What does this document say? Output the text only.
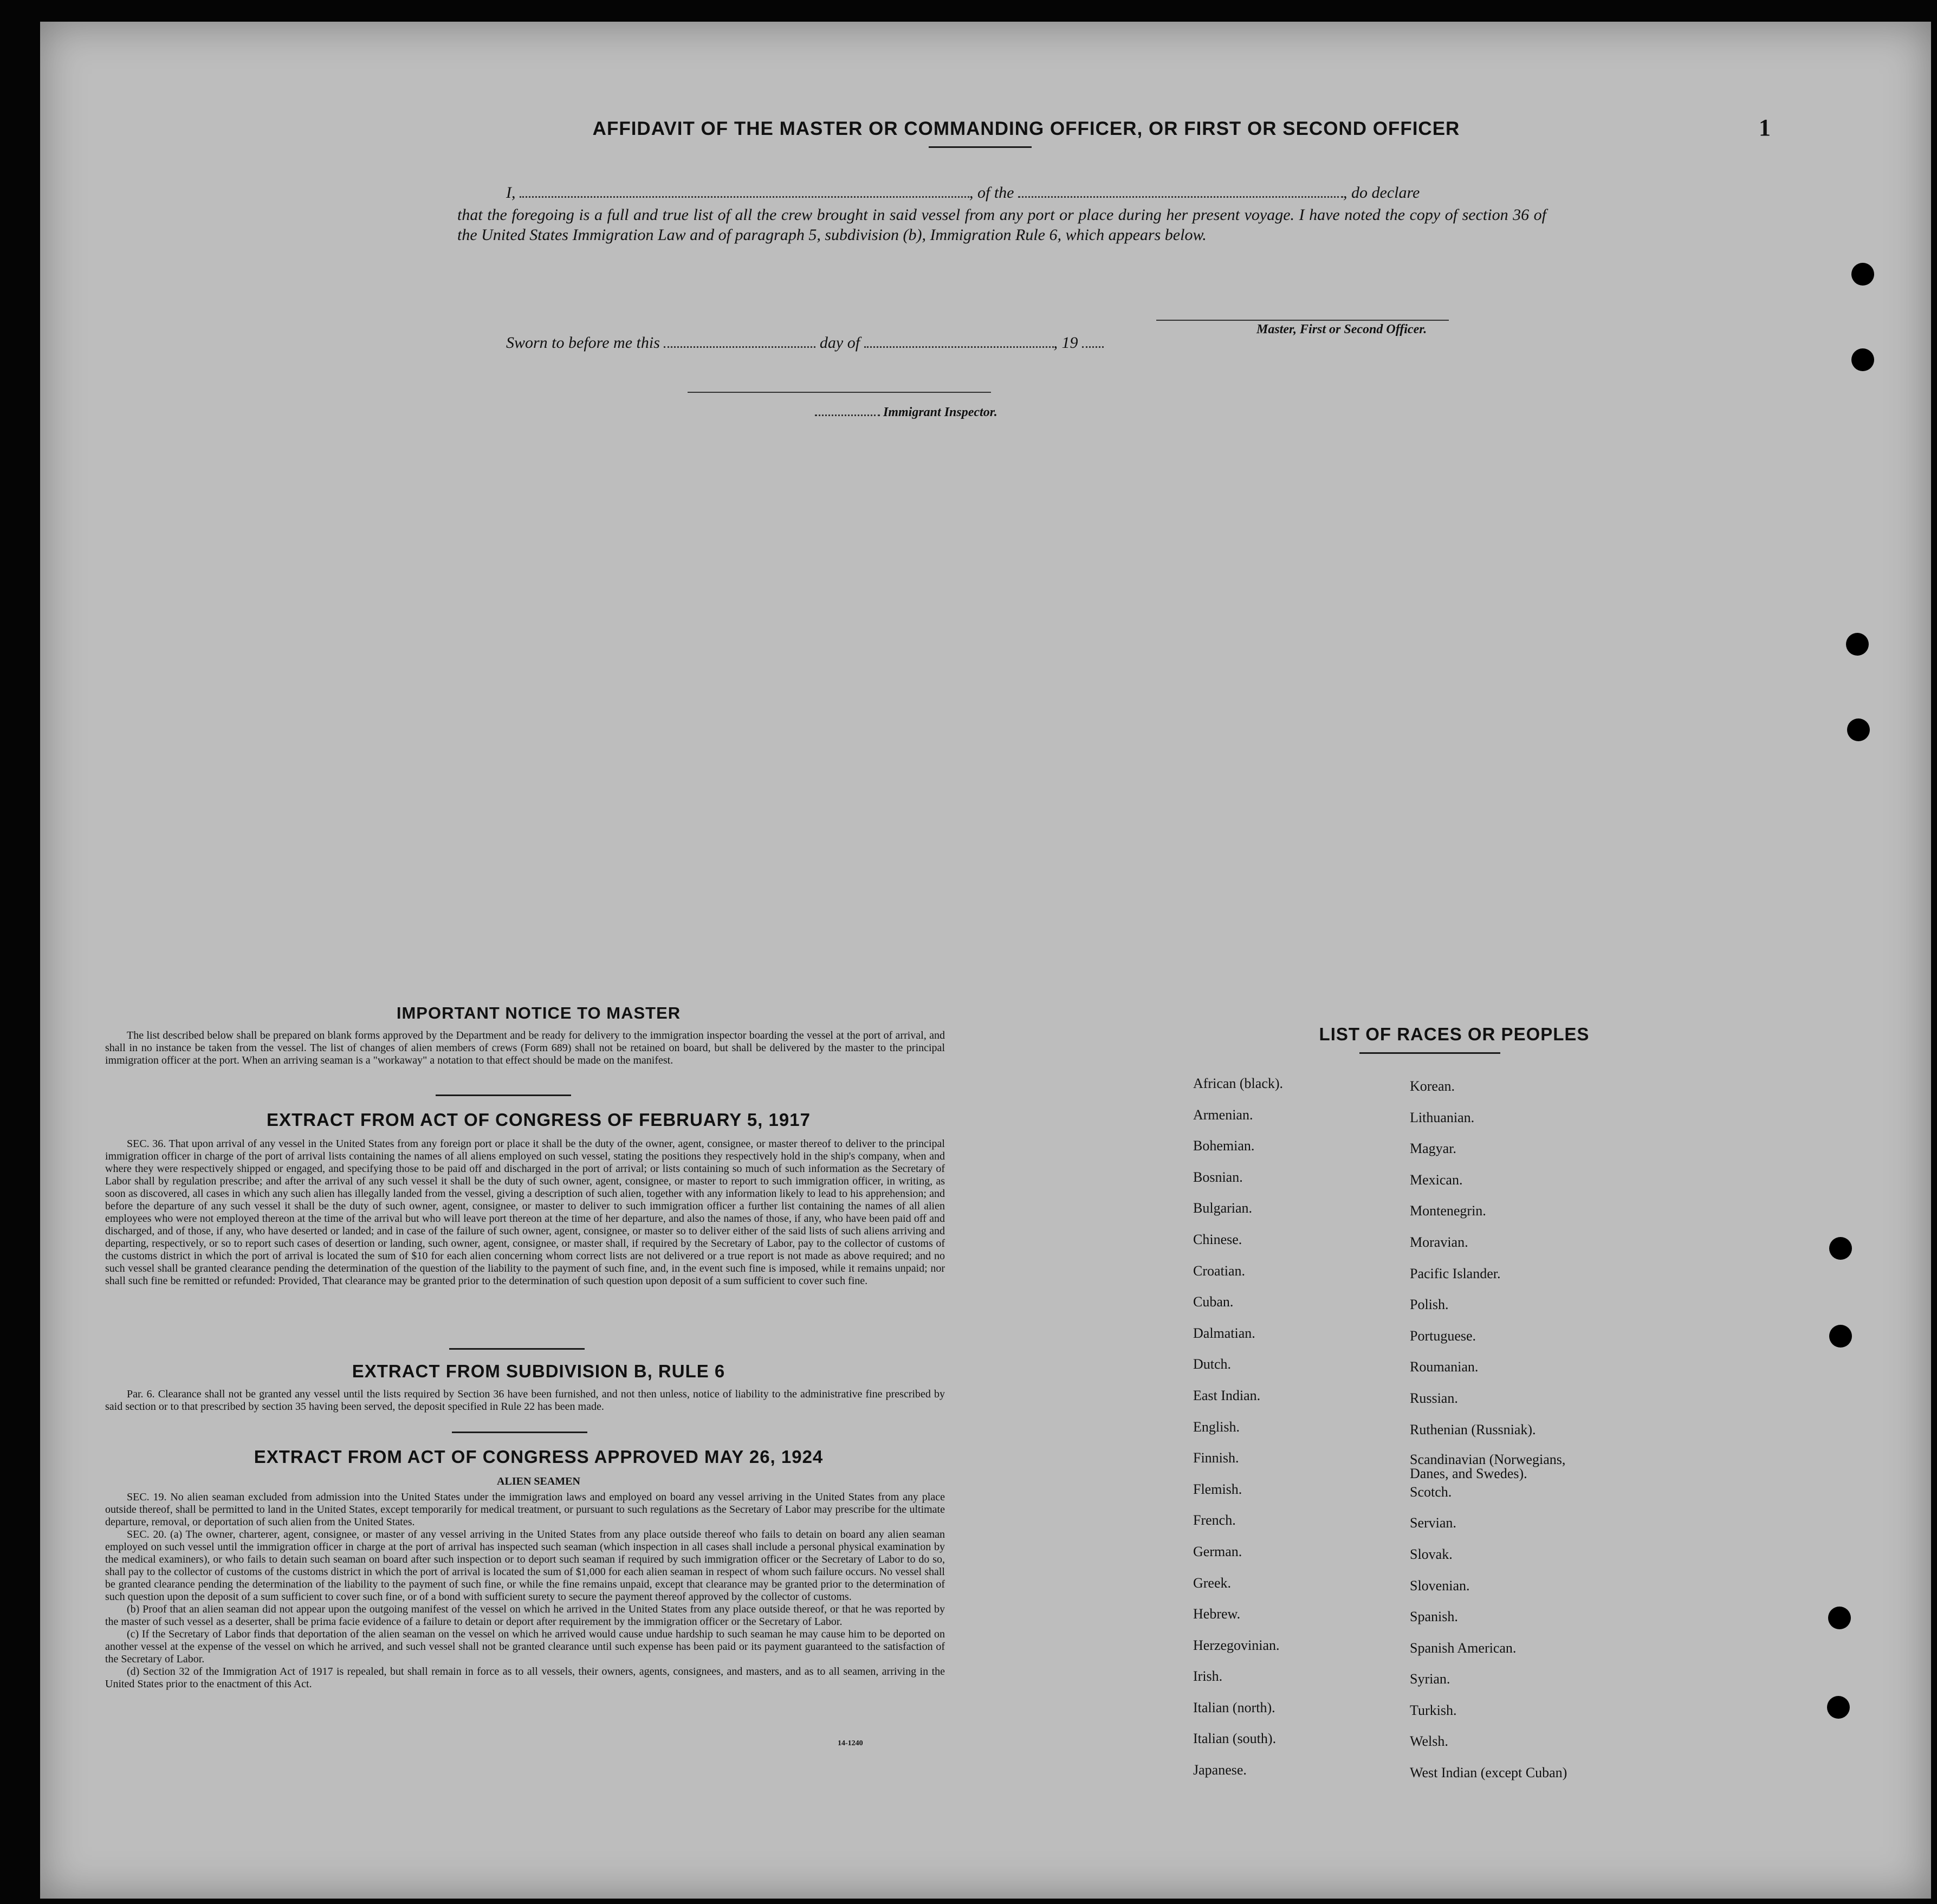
1
AFFIDAVIT OF THE MASTER OR COMMANDING OFFICER, OR FIRST OR SECOND OFFICER
I,	, of the	, do declare
that the foregoing is a full and true list of all the crew brought in said vessel from any port or place during her present voyage. I have noted the copy of section 36 of the United States Immigration Law and of paragraph 5, subdivision (b), Immigration Rule 6, which appears below.
Master, First or Second Officer.
Sworn to before me this	day of	, 19
Immigrant Inspector.
IMPORTANT NOTICE TO MASTER
The list described below shall be prepared on blank forms approved by the Department and be ready for delivery to the immigration inspector boarding the vessel at the port of arrival, and shall in no instance be taken from the vessel. The list of changes of alien members of crews (Form 689) shall not be retained on board, but shall be delivered by the master to the principal immigration officer at the port. When an arriving seaman is a "workaway" a notation to that effect should be made on the manifest.
EXTRACT FROM ACT OF CONGRESS OF FEBRUARY 5, 1917
SEC. 36. That upon arrival of any vessel in the United States from any foreign port or place it shall be the duty of the owner, agent, consignee, or master thereof to deliver to the principal immigration officer in charge of the port of arrival lists containing the names of all aliens employed on such vessel, stating the positions they respectively hold in the ship's company, when and where they were respectively shipped or engaged, and specifying those to be paid off and discharged in the port of arrival; or lists containing so much of such information as the Secretary of Labor shall by regulation prescribe; and after the arrival of any such vessel it shall be the duty of such owner, agent, consignee, or master to report to such immigration officer, in writing, as soon as discovered, all cases in which any such alien has illegally landed from the vessel, giving a description of such alien, together with any information likely to lead to his apprehension; and before the departure of any such vessel it shall be the duty of such owner, agent, consignee, or master to deliver to such immigration officer a further list containing the names of all alien employees who were not employed thereon at the time of the arrival but who will leave port thereon at the time of her departure, and also the names of those, if any, who have been paid off and discharged, and of those, if any, who have deserted or landed; and in case of the failure of such owner, agent, consignee, or master so to deliver either of the said lists of such aliens arriving and departing, respectively, or so to report such cases of desertion or landing, such owner, agent, consignee, or master shall, if required by the Secretary of Labor, pay to the collector of customs of the customs district in which the port of arrival is located the sum of $10 for each alien concerning whom correct lists are not delivered or a true report is not made as above required; and no such vessel shall be granted clearance pending the determination of the question of the liability to the payment of such fine, and, in the event such fine is imposed, while it remains unpaid; nor shall such fine be remitted or refunded: Provided, That clearance may be granted prior to the determination of such question upon deposit of a sum sufficient to cover such fine.
EXTRACT FROM SUBDIVISION B, RULE 6
Par. 6. Clearance shall not be granted any vessel until the lists required by Section 36 have been furnished, and not then unless, notice of liability to the administrative fine prescribed by said section or to that prescribed by section 35 having been served, the deposit specified in Rule 22 has been made.
EXTRACT FROM ACT OF CONGRESS APPROVED MAY 26, 1924
ALIEN SEAMEN
SEC. 19. No alien seaman excluded from admission into the United States under the immigration laws and employed on board any vessel arriving in the United States from any place outside thereof, shall be permitted to land in the United States, except temporarily for medical treatment, or pursuant to such regulations as the Secretary of Labor may prescribe for the ultimate departure, removal, or deportation of such alien from the United States.
SEC. 20. (a) The owner, charterer, agent, consignee, or master of any vessel arriving in the United States from any place outside thereof who fails to detain on board any alien seaman employed on such vessel until the immigration officer in charge at the port of arrival has inspected such seaman (which inspection in all cases shall include a personal physical examination by the medical examiners), or who fails to detain such seaman on board after such inspection or to deport such seaman if required by such immigration officer or the Secretary of Labor to do so, shall pay to the collector of customs of the customs district in which the port of arrival is located the sum of $1,000 for each alien seaman in respect of whom such failure occurs. No vessel shall be granted clearance pending the determination of the liability to the payment of such fine, or while the fine remains unpaid, except that clearance may be granted prior to the determination of such question upon the deposit of a sum sufficient to cover such fine, or of a bond with sufficient surety to secure the payment thereof approved by the collector of customs.
(b) Proof that an alien seaman did not appear upon the outgoing manifest of the vessel on which he arrived in the United States from any place outside thereof, or that he was reported by the master of such vessel as a deserter, shall be prima facie evidence of a failure to detain or deport after requirement by the immigration officer or the Secretary of Labor.
(c) If the Secretary of Labor finds that deportation of the alien seaman on the vessel on which he arrived would cause undue hardship to such seaman he may cause him to be deported on another vessel at the expense of the vessel on which he arrived, and such vessel shall not be granted clearance until such expense has been paid or its payment guaranteed to the satisfaction of the Secretary of Labor.
(d) Section 32 of the Immigration Act of 1917 is repealed, but shall remain in force as to all vessels, their owners, agents, consignees, and masters, and as to all seamen, arriving in the United States prior to the enactment of this Act.
14-1240
LIST OF RACES OR PEOPLES
African (black).
Armenian.
Bohemian.
Bosnian.
Bulgarian.
Chinese.
Croatian.
Cuban.
Dalmatian.
Dutch.
East Indian.
English.
Finnish.
Flemish.
French.
German.
Greek.
Hebrew.
Herzegovinian.
Irish.
Italian (north).
Italian (south).
Japanese.
Korean.
Lithuanian.
Magyar.
Mexican.
Montenegrin.
Moravian.
Pacific Islander.
Polish.
Portuguese.
Roumanian.
Russian.
Ruthenian (Russniak).
Scandinavian (Norwegians, Danes, and Swedes).
Scotch.
Servian.
Slovak.
Slovenian.
Spanish.
Spanish American.
Syrian.
Turkish.
Welsh.
West Indian (except Cuban)
